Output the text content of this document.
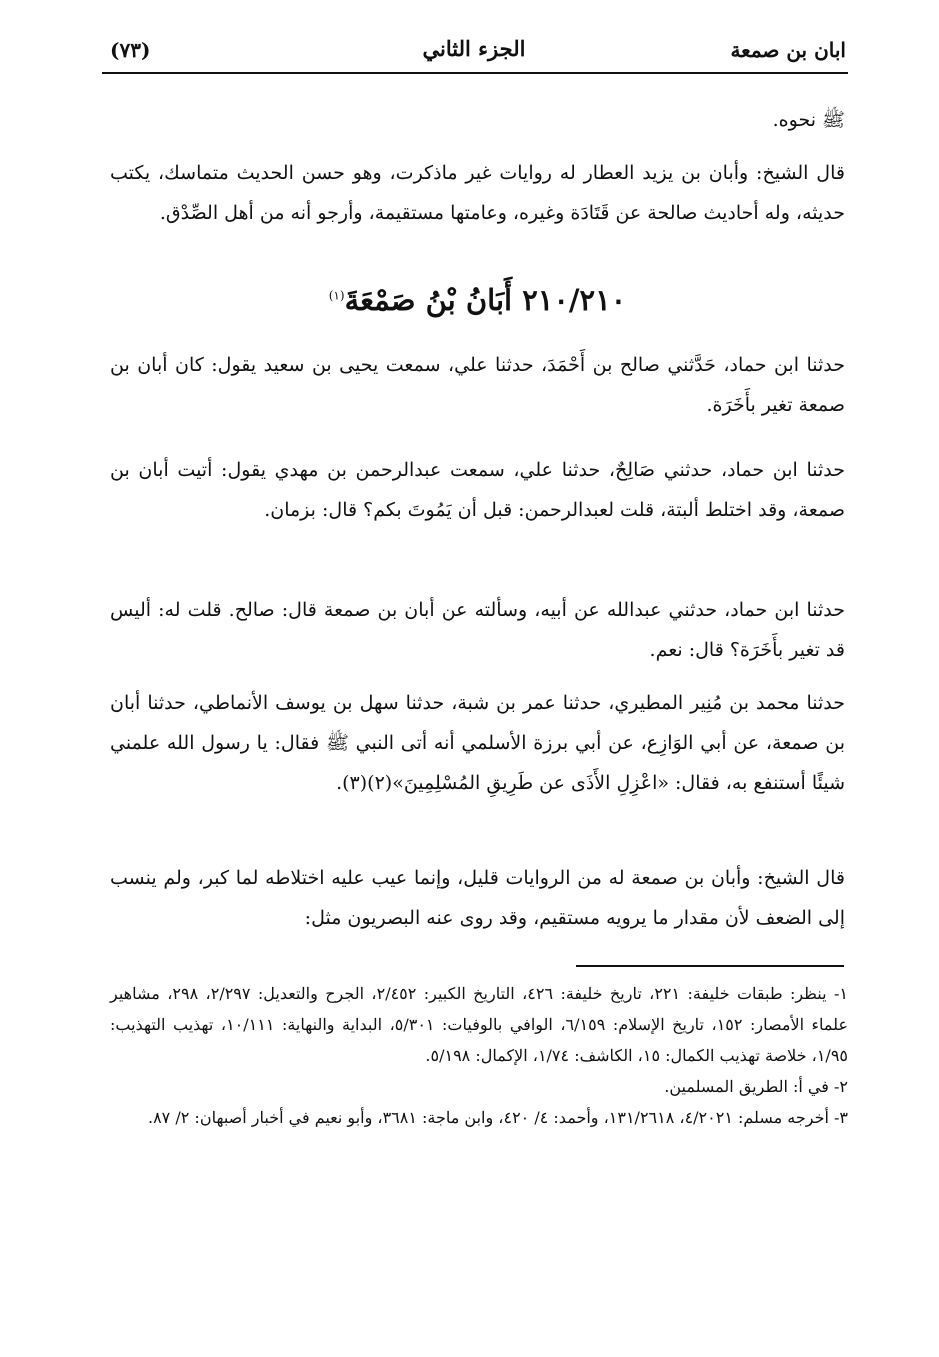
(٧٣)	الجزء الثاني	ابان بن صمعة

ﷺ نحوه.

قال الشيخ: وأبان بن يزيد العطار له روايات غير ماذكرت، وهو حسن الحديث متماسك، يكتب حديثه، وله أحاديث صالحة عن قَتَادَة وغيره، وعامتها مستقيمة، وأرجو أنه من أهل الصِّدْق.

٢١٠/٢١٠ أَبَانُ بْنُ صَمْعَةَ$^{(١)}$

حدثنا ابن حماد، حَدَّثني صالح بن أَحْمَدَ، حدثنا علي، سمعت يحيى بن سعيد يقول: كان أبان بن صمعة تغير بأَخَرَة.

حدثنا ابن حماد، حدثني صَالِحٌ، حدثنا علي، سمعت عبدالرحمن بن مهدي يقول: أتيت أبان بن صمعة، وقد اختلط ألبتة، قلت لعبدالرحمن: قبل أن يَمُوتَ بكم؟ قال: بزمان.

حدثنا ابن حماد، حدثني عبدالله عن أبيه، وسألته عن أبان بن صمعة قال: صالح. قلت له: أليس قد تغير بأَخَرَة؟ قال: نعم.

حدثنا محمد بن مُنِير المطيري، حدثنا عمر بن شبة، حدثنا سهل بن يوسف الأنماطي، حدثنا أبان بن صمعة، عن أبي الوَازِع، عن أبي برزة الأسلمي أنه أتى النبي ﷺ فقال: يا رسول الله علمني شيئًا أستنفع به، فقال: «اعْزِلِ الأَذَى عن طَرِيقِ المُسْلِمِينَ»(٢)(٣).

قال الشيخ: وأبان بن صمعة له من الروايات قليل، وإنما عيب عليه اختلاطه لما كبر، ولم ينسب إلى الضعف لأن مقدار ما يرويه مستقيم، وقد روى عنه البصريون مثل:

١- ينظر: طبقات خليفة: ٢٢١، تاريخ خليفة: ٤٢٦، التاريخ الكبير: ٢/٤٥٢، الجرح والتعديل: ٢/٢٩٧، ٢٩٨، مشاهير علماء الأمصار: ١٥٢، تاريخ الإسلام: ٦/١٥٩، الوافي بالوفيات: ٥/٣٠١، البداية والنهاية: ١٠/١١١، تهذيب التهذيب: ١/٩٥، خلاصة تهذيب الكمال: ١٥، الكاشف: ١/٧٤، الإكمال: ٥/١٩٨.

٢- في أ: الطريق المسلمين.

٣- أخرجه مسلم: ٤/٢٠٢١، ١٣١/٢٦١٨، وأحمد: ٤/ ٤٢٠، وابن ماجة: ٣٦٨١، وأبو نعيم في أخبار أصبهان: ٢/ ٨٧.
